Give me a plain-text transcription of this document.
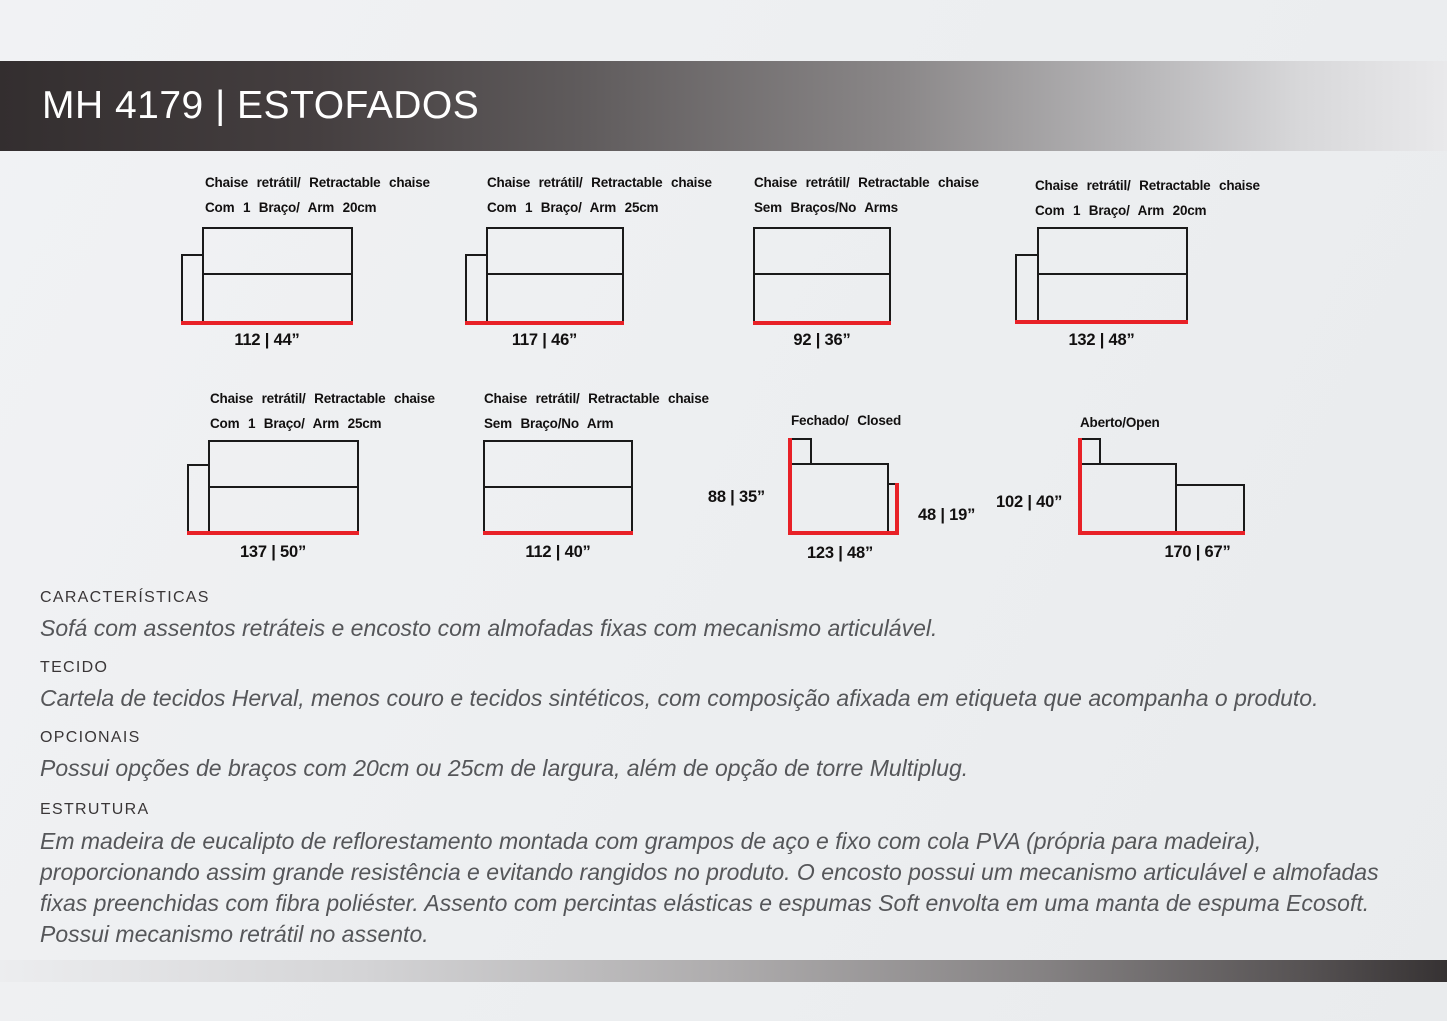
MH 4179 | ESTOFADOS
Chaise retrátil/ Retractable chaise
Com 1 Braço/ Arm 20cm
112 | 44”
Chaise retrátil/ Retractable chaise
Com 1 Braço/ Arm 25cm
117 | 46”
Chaise retrátil/ Retractable chaise
Sem Braços/No Arms
92 | 36”
Chaise retrátil/ Retractable chaise
Com 1 Braço/ Arm 20cm
132 | 48”
Chaise retrátil/ Retractable chaise
Com 1 Braço/ Arm 25cm
137 | 50”
Chaise retrátil/ Retractable chaise
Sem Braço/No Arm
112 | 40”
Fechado/ Closed
88 | 35”
48 | 19”
123 | 48”
Aberto/Open
102 | 40”
170 | 67”
CARACTERÍSTICAS
Sofá com assentos retráteis e encosto com almofadas fixas com mecanismo articulável.
TECIDO
Cartela de tecidos Herval, menos couro e tecidos sintéticos, com composição afixada em etiqueta que acompanha o produto.
OPCIONAIS
Possui opções de braços com 20cm ou 25cm de largura, além de opção de torre Multiplug.
ESTRUTURA
Em madeira de eucalipto de reflorestamento montada com grampos de aço e fixo com cola PVA (própria para madeira), proporcionando assim grande resistência e evitando rangidos no produto. O encosto possui um mecanismo articulável e almofadas fixas preenchidas com fibra poliéster. Assento com percintas elásticas e espumas Soft envolta em uma manta de espuma Ecosoft. Possui mecanismo retrátil no assento.
